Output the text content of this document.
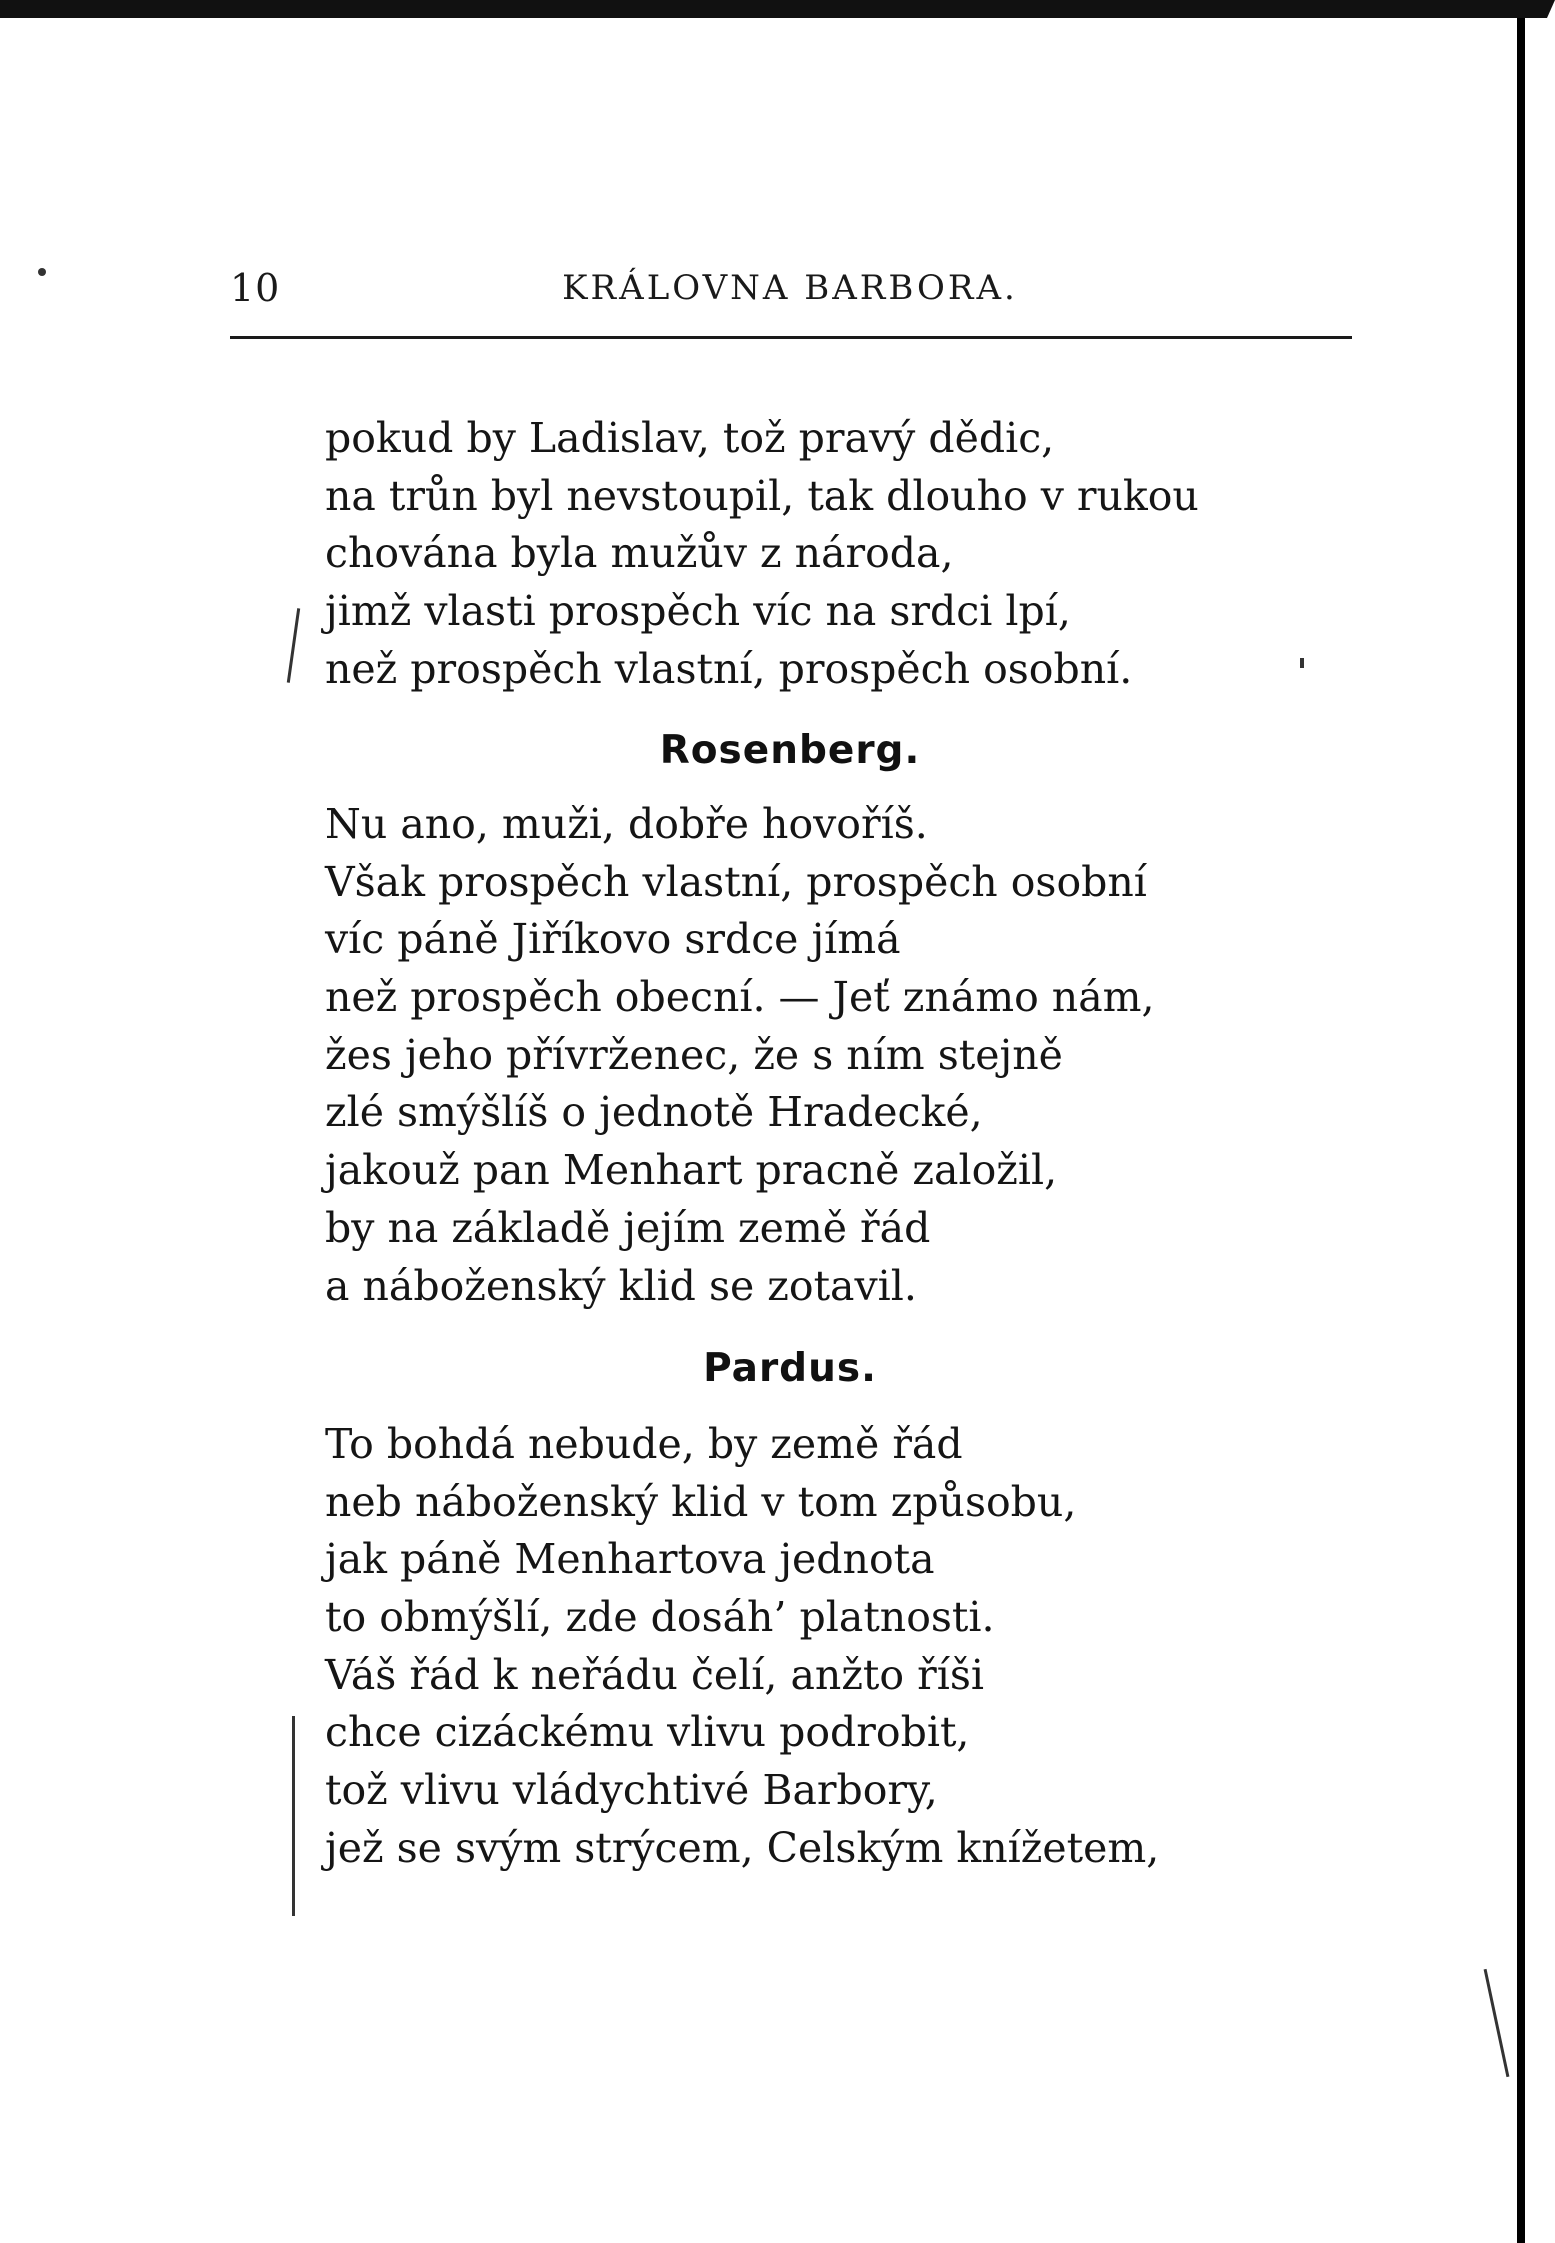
10	KRÁLOVNA BARBORA.
pokud by Ladislav, tož pravý dědic,
na trůn byl nevstoupil, tak dlouho v rukou
chována byla mužův z národa,
jimž vlasti prospěch víc na srdci lpí,
než prospěch vlastní, prospěch osobní.
Rosenberg.
Nu ano, muži, dobře hovoříš.
Však prospěch vlastní, prospěch osobní
víc páně Jiříkovo srdce jímá
než prospěch obecní. — Jeť známo nám,
žes jeho přívrženec, že s ním stejně
zlé smýšlíš o jednotě Hradecké,
jakouž pan Menhart pracně založil,
by na základě jejím země řád
a náboženský klid se zotavil.
Pardus.
To bohdá nebude, by země řád
neb náboženský klid v tom způsobu,
jak páně Menhartova jednota
to obmýšlí, zde dosáh’ platnosti.
Váš řád k neřádu čelí, anžto říši
chce cizáckému vlivu podrobit,
tož vlivu vládychtivé Barbory,
jež se svým strýcem, Celským knížetem,
